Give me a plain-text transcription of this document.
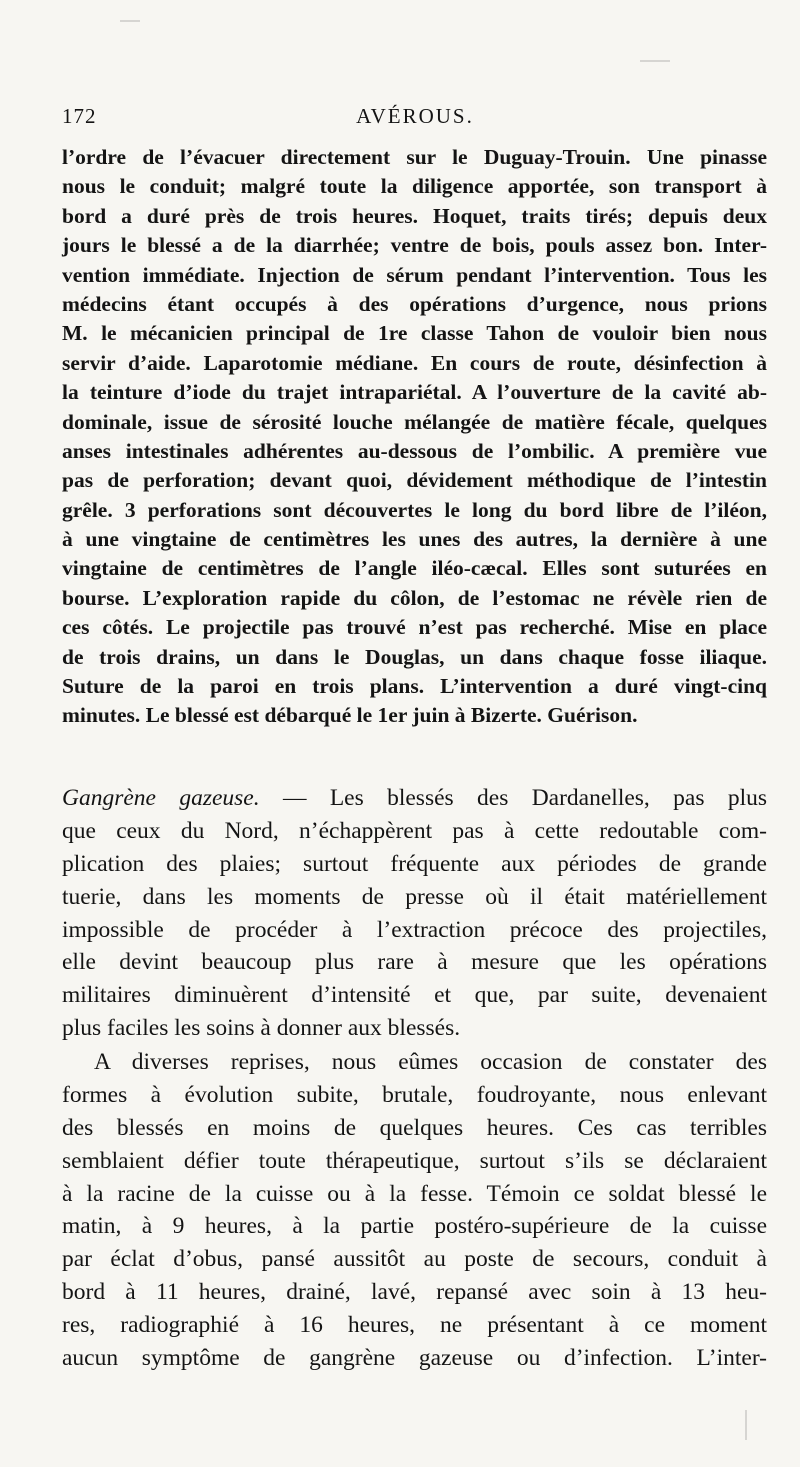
172	AVÉROUS.

l’ordre de l’évacuer directement sur le Duguay-Trouin. Une pinasse

nous le conduit; malgré toute la diligence apportée, son transport à

bord a duré près de trois heures. Hoquet, traits tirés; depuis deux

jours le blessé a de la diarrhée; ventre de bois, pouls assez bon. Inter-

vention immédiate. Injection de sérum pendant l’intervention. Tous les

médecins étant occupés à des opérations d’urgence, nous prions

M. le mécanicien principal de 1re classe Tahon de vouloir bien nous

servir d’aide. Laparotomie médiane. En cours de route, désinfection à

la teinture d’iode du trajet intrapariétal. A l’ouverture de la cavité ab-

dominale, issue de sérosité louche mélangée de matière fécale, quelques

anses intestinales adhérentes au-dessous de l’ombilic. A première vue

pas de perforation; devant quoi, dévidement méthodique de l’intestin

grêle. 3 perforations sont découvertes le long du bord libre de l’iléon,

à une vingtaine de centimètres les unes des autres, la dernière à une

vingtaine de centimètres de l’angle iléo-cæcal. Elles sont suturées en

bourse. L’exploration rapide du côlon, de l’estomac ne révèle rien de

ces côtés. Le projectile pas trouvé n’est pas recherché. Mise en place

de trois drains, un dans le Douglas, un dans chaque fosse iliaque.

Suture de la paroi en trois plans. L’intervention a duré vingt-cinq

minutes. Le blessé est débarqué le 1er juin à Bizerte. Guérison.

Gangrène gazeuse. — Les blessés des Dardanelles, pas plus

que ceux du Nord, n’échappèrent pas à cette redoutable com-

plication des plaies; surtout fréquente aux périodes de grande

tuerie, dans les moments de presse où il était matériellement

impossible de procéder à l’extraction précoce des projectiles,

elle devint beaucoup plus rare à mesure que les opérations

militaires diminuèrent d’intensité et que, par suite, devenaient

plus faciles les soins à donner aux blessés.

A diverses reprises, nous eûmes occasion de constater des

formes à évolution subite, brutale, foudroyante, nous enlevant

des blessés en moins de quelques heures. Ces cas terribles

semblaient défier toute thérapeutique, surtout s’ils se déclaraient

à la racine de la cuisse ou à la fesse. Témoin ce soldat blessé le

matin, à 9 heures, à la partie postéro-supérieure de la cuisse

par éclat d’obus, pansé aussitôt au poste de secours, conduit à

bord à 11 heures, drainé, lavé, repansé avec soin à 13 heu-

res, radiographié à 16 heures, ne présentant à ce moment

aucun symptôme de gangrène gazeuse ou d’infection. L’inter-
